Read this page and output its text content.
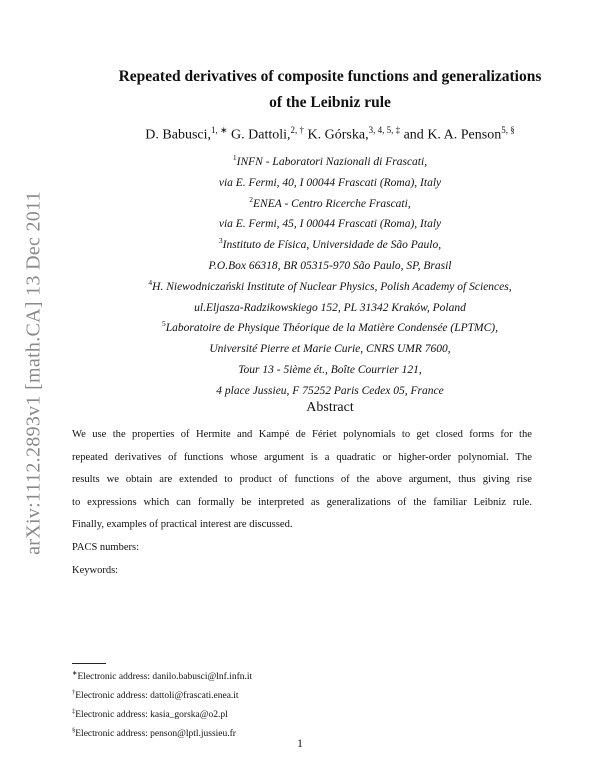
arXiv:1112.2893v1 [math.CA] 13 Dec 2011
Repeated derivatives of composite functions and generalizations
of the Leibniz rule
D. Babusci,$^{1, ∗}$ G. Dattoli,$^{2, \dagger}$ K. Górska,$^{3, 4, 5, \ddagger}$ and K. A. Penson$^{5, \S}$
$^1$INFN - Laboratori Nazionali di Frascati,
via E. Fermi, 40, I 00044 Frascati (Roma), Italy
$^2$ENEA - Centro Ricerche Frascati,
via E. Fermi, 45, I 00044 Frascati (Roma), Italy
$^3$Instituto de Física, Universidade de São Paulo,
P.O.Box 66318, BR 05315-970 São Paulo, SP, Brasil
$^4$H. Niewodniczański Institute of Nuclear Physics, Polish Academy of Sciences,
ul.Eljasza-Radzikowskiego 152, PL 31342 Kraków, Poland
$^5$Laboratoire de Physique Théorique de la Matière Condensée (LPTMC),
Université Pierre et Marie Curie, CNRS UMR 7600,
Tour 13 - 5ième ét., Boîte Courrier 121,
4 place Jussieu, F 75252 Paris Cedex 05, France
Abstract
We use the properties of Hermite and Kampé de Fériet polynomials to get closed forms for the
repeated derivatives of functions whose argument is a quadratic or higher-order polynomial. The
results we obtain are extended to product of functions of the above argument, thus giving rise
to expressions which can formally be interpreted as generalizations of the familiar Leibniz rule.
Finally, examples of practical interest are discussed.
PACS numbers:
Keywords:
∗Electronic address: danilo.babusci@lnf.infn.it
†Electronic address: dattoli@frascati.enea.it
‡Electronic address: kasia_gorska@o2.pl
§Electronic address: penson@lptl.jussieu.fr
1
